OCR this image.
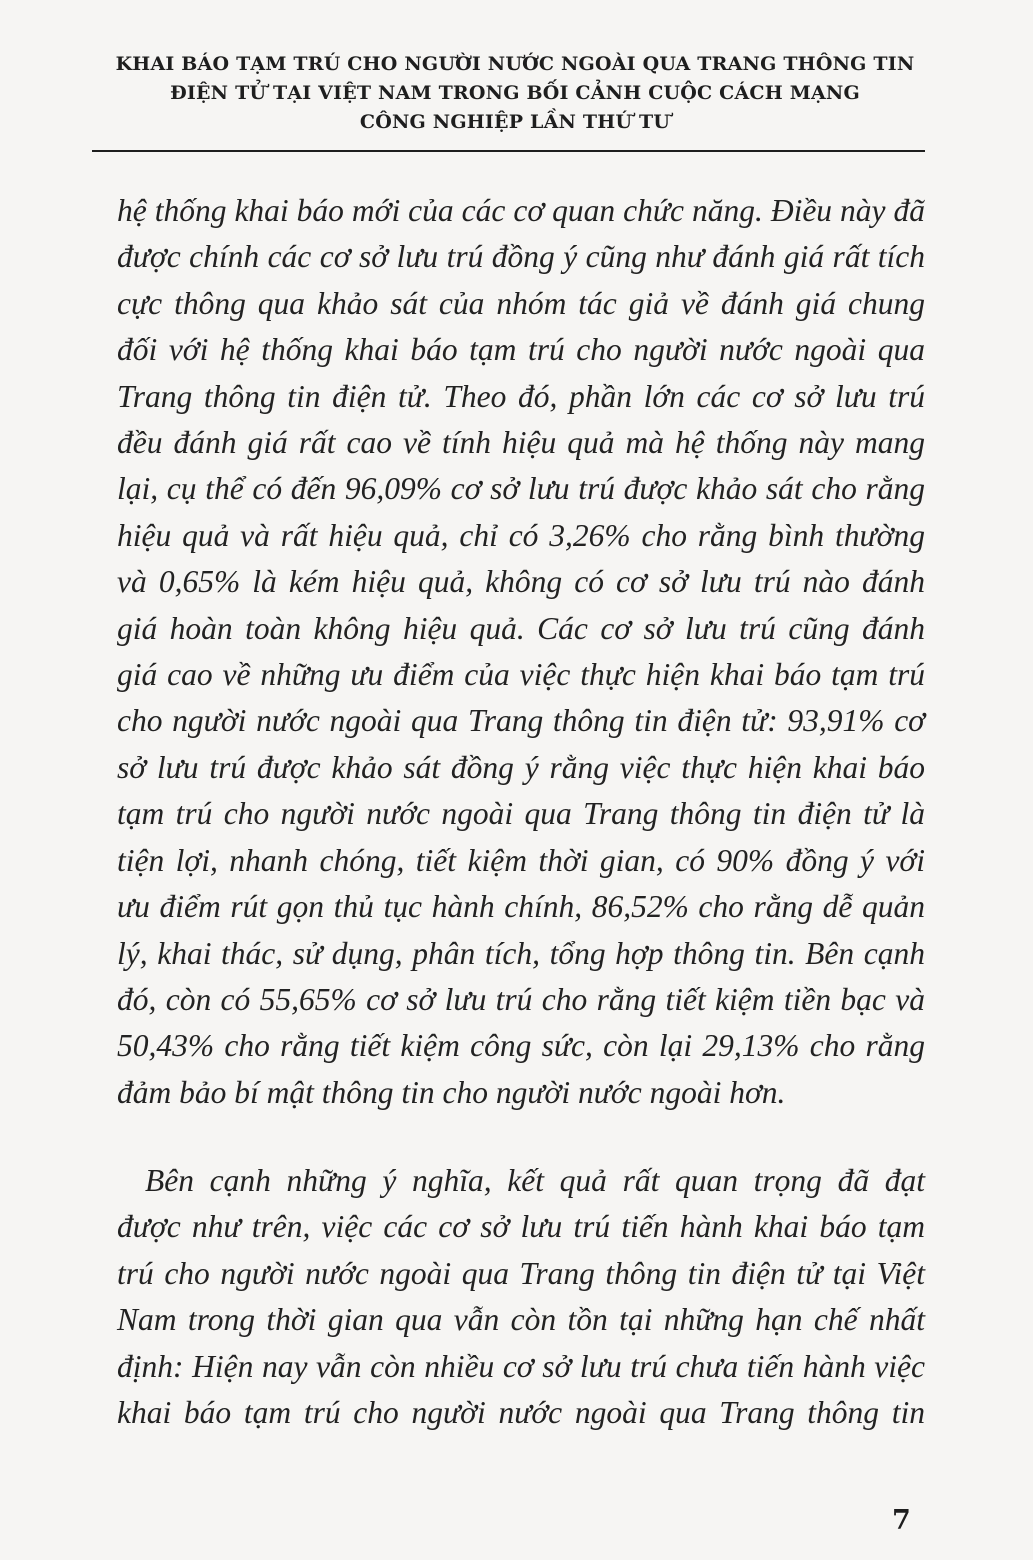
KHAI BÁO TẠM TRÚ CHO NGƯỜI NƯỚC NGOÀI QUA TRANG THÔNG TIN
ĐIỆN TỬ TẠI VIỆT NAM TRONG BỐI CẢNH CUỘC CÁCH MẠNG
CÔNG NGHIỆP LẦN THỨ TƯ
hệ thống khai báo mới của các cơ quan chức năng. Điều này đã
được chính các cơ sở lưu trú đồng ý cũng như đánh giá rất tích
cực thông qua khảo sát của nhóm tác giả về đánh giá chung
đối với hệ thống khai báo tạm trú cho người nước ngoài qua
Trang thông tin điện tử. Theo đó, phần lớn các cơ sở lưu trú
đều đánh giá rất cao về tính hiệu quả mà hệ thống này mang
lại, cụ thể có đến 96,09% cơ sở lưu trú được khảo sát cho rằng
hiệu quả và rất hiệu quả, chỉ có 3,26% cho rằng bình thường
và 0,65% là kém hiệu quả, không có cơ sở lưu trú nào đánh
giá hoàn toàn không hiệu quả. Các cơ sở lưu trú cũng đánh
giá cao về những ưu điểm của việc thực hiện khai báo tạm trú
cho người nước ngoài qua Trang thông tin điện tử: 93,91% cơ
sở lưu trú được khảo sát đồng ý rằng việc thực hiện khai báo
tạm trú cho người nước ngoài qua Trang thông tin điện tử là
tiện lợi, nhanh chóng, tiết kiệm thời gian, có 90% đồng ý với
ưu điểm rút gọn thủ tục hành chính, 86,52% cho rằng dễ quản
lý, khai thác, sử dụng, phân tích, tổng hợp thông tin. Bên cạnh
đó, còn có 55,65% cơ sở lưu trú cho rằng tiết kiệm tiền bạc và
50,43% cho rằng tiết kiệm công sức, còn lại 29,13% cho rằng
đảm bảo bí mật thông tin cho người nước ngoài hơn.
Bên cạnh những ý nghĩa, kết quả rất quan trọng đã đạt
được như trên, việc các cơ sở lưu trú tiến hành khai báo tạm
trú cho người nước ngoài qua Trang thông tin điện tử tại Việt
Nam trong thời gian qua vẫn còn tồn tại những hạn chế nhất
định: Hiện nay vẫn còn nhiều cơ sở lưu trú chưa tiến hành việc
khai báo tạm trú cho người nước ngoài qua Trang thông tin
7
